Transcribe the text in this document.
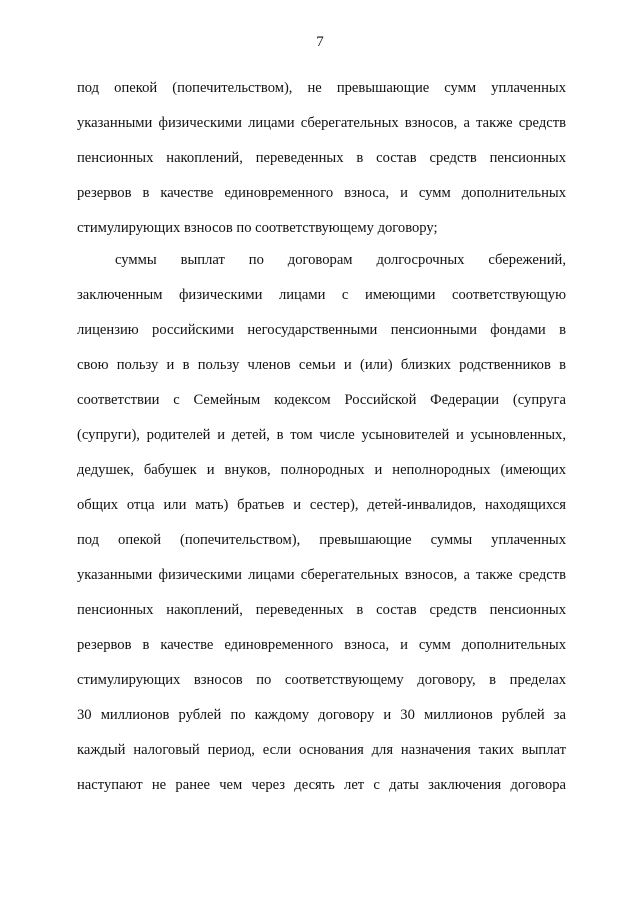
7
под опекой (попечительством), не превышающие сумм уплаченных
указанными физическими лицами сберегательных взносов, а также средств
пенсионных накоплений, переведенных в состав средств пенсионных
резервов в качестве единовременного взноса, и сумм дополнительных
стимулирующих взносов по соответствующему договору;
суммы выплат по договорам долгосрочных сбережений,
заключенным физическими лицами с имеющими соответствующую
лицензию российскими негосударственными пенсионными фондами в
свою пользу и в пользу членов семьи и (или) близких родственников в
соответствии с Семейным кодексом Российской Федерации (супруга
(супруги), родителей и детей, в том числе усыновителей и усыновленных,
дедушек, бабушек и внуков, полнородных и неполнородных (имеющих
общих отца или мать) братьев и сестер), детей-инвалидов, находящихся
под опекой (попечительством), превышающие суммы уплаченных
указанными физическими лицами сберегательных взносов, а также средств
пенсионных накоплений, переведенных в состав средств пенсионных
резервов в качестве единовременного взноса, и сумм дополнительных
стимулирующих взносов по соответствующему договору, в пределах
30 миллионов рублей по каждому договору и 30 миллионов рублей за
каждый налоговый период, если основания для назначения таких выплат
наступают не ранее чем через десять лет с даты заключения договора
